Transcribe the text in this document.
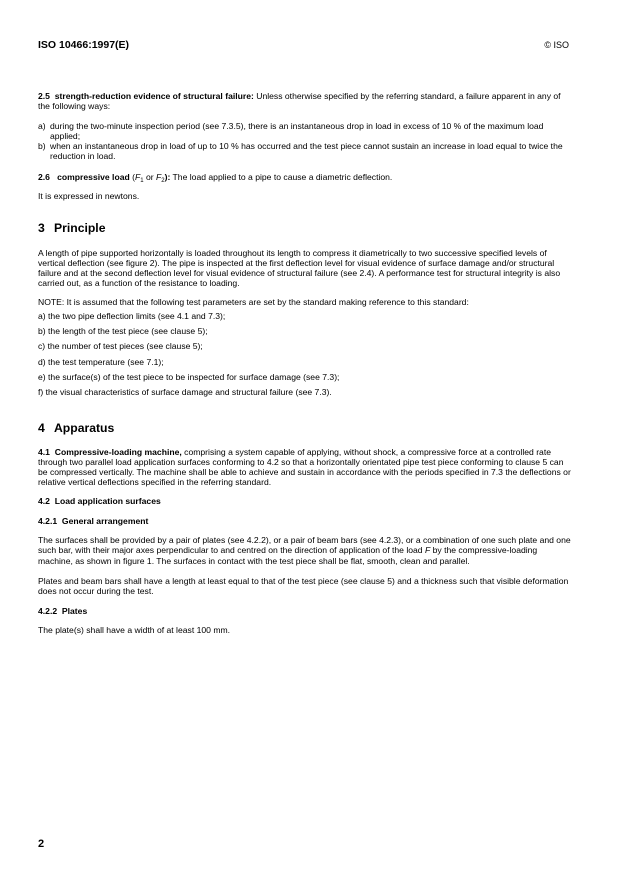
ISO 10466:1997(E)	© ISO

2.5 strength-reduction evidence of structural failure: Unless otherwise specified by the referring standard, a failure apparent in any of the following ways:

a) during the two-minute inspection period (see 7.3.5), there is an instantaneous drop in load in excess of 10 % of the maximum load applied;
b) when an instantaneous drop in load of up to 10 % has occurred and the test piece cannot sustain an increase in load equal to twice the reduction in load.

2.6 compressive load ($F_1$ or $F_2$): The load applied to a pipe to cause a diametric deflection.

It is expressed in newtons.

3 Principle

A length of pipe supported horizontally is loaded throughout its length to compress it diametrically to two successive specified levels of vertical deflection (see figure 2). The pipe is inspected at the first deflection level for visual evidence of surface damage and/or structural failure and at the second deflection level for visual evidence of structural failure (see 2.4). A performance test for structural integrity is also carried out, as a function of the resistance to loading.

NOTE: It is assumed that the following test parameters are set by the standard making reference to this standard:

a) the two pipe deflection limits (see 4.1 and 7.3);
b) the length of the test piece (see clause 5);
c) the number of test pieces (see clause 5);
d) the test temperature (see 7.1);
e) the surface(s) of the test piece to be inspected for surface damage (see 7.3);
f) the visual characteristics of surface damage and structural failure (see 7.3).

4 Apparatus

4.1 Compressive-loading machine, comprising a system capable of applying, without shock, a compressive force at a controlled rate through two parallel load application surfaces conforming to 4.2 so that a horizontally orientated pipe test piece conforming to clause 5 can be compressed vertically. The machine shall be able to achieve and sustain in accordance with the periods specified in 7.3 the deflections or relative vertical deflections specified in the referring standard.

4.2 Load application surfaces

4.2.1 General arrangement

The surfaces shall be provided by a pair of plates (see 4.2.2), or a pair of beam bars (see 4.2.3), or a combination of one such plate and one such bar, with their major axes perpendicular to and centred on the direction of application of the load F by the compressive-loading machine, as shown in figure 1. The surfaces in contact with the test piece shall be flat, smooth, clean and parallel.

Plates and beam bars shall have a length at least equal to that of the test piece (see clause 5) and a thickness such that visible deformation does not occur during the test.

4.2.2 Plates

The plate(s) shall have a width of at least 100 mm.

2
